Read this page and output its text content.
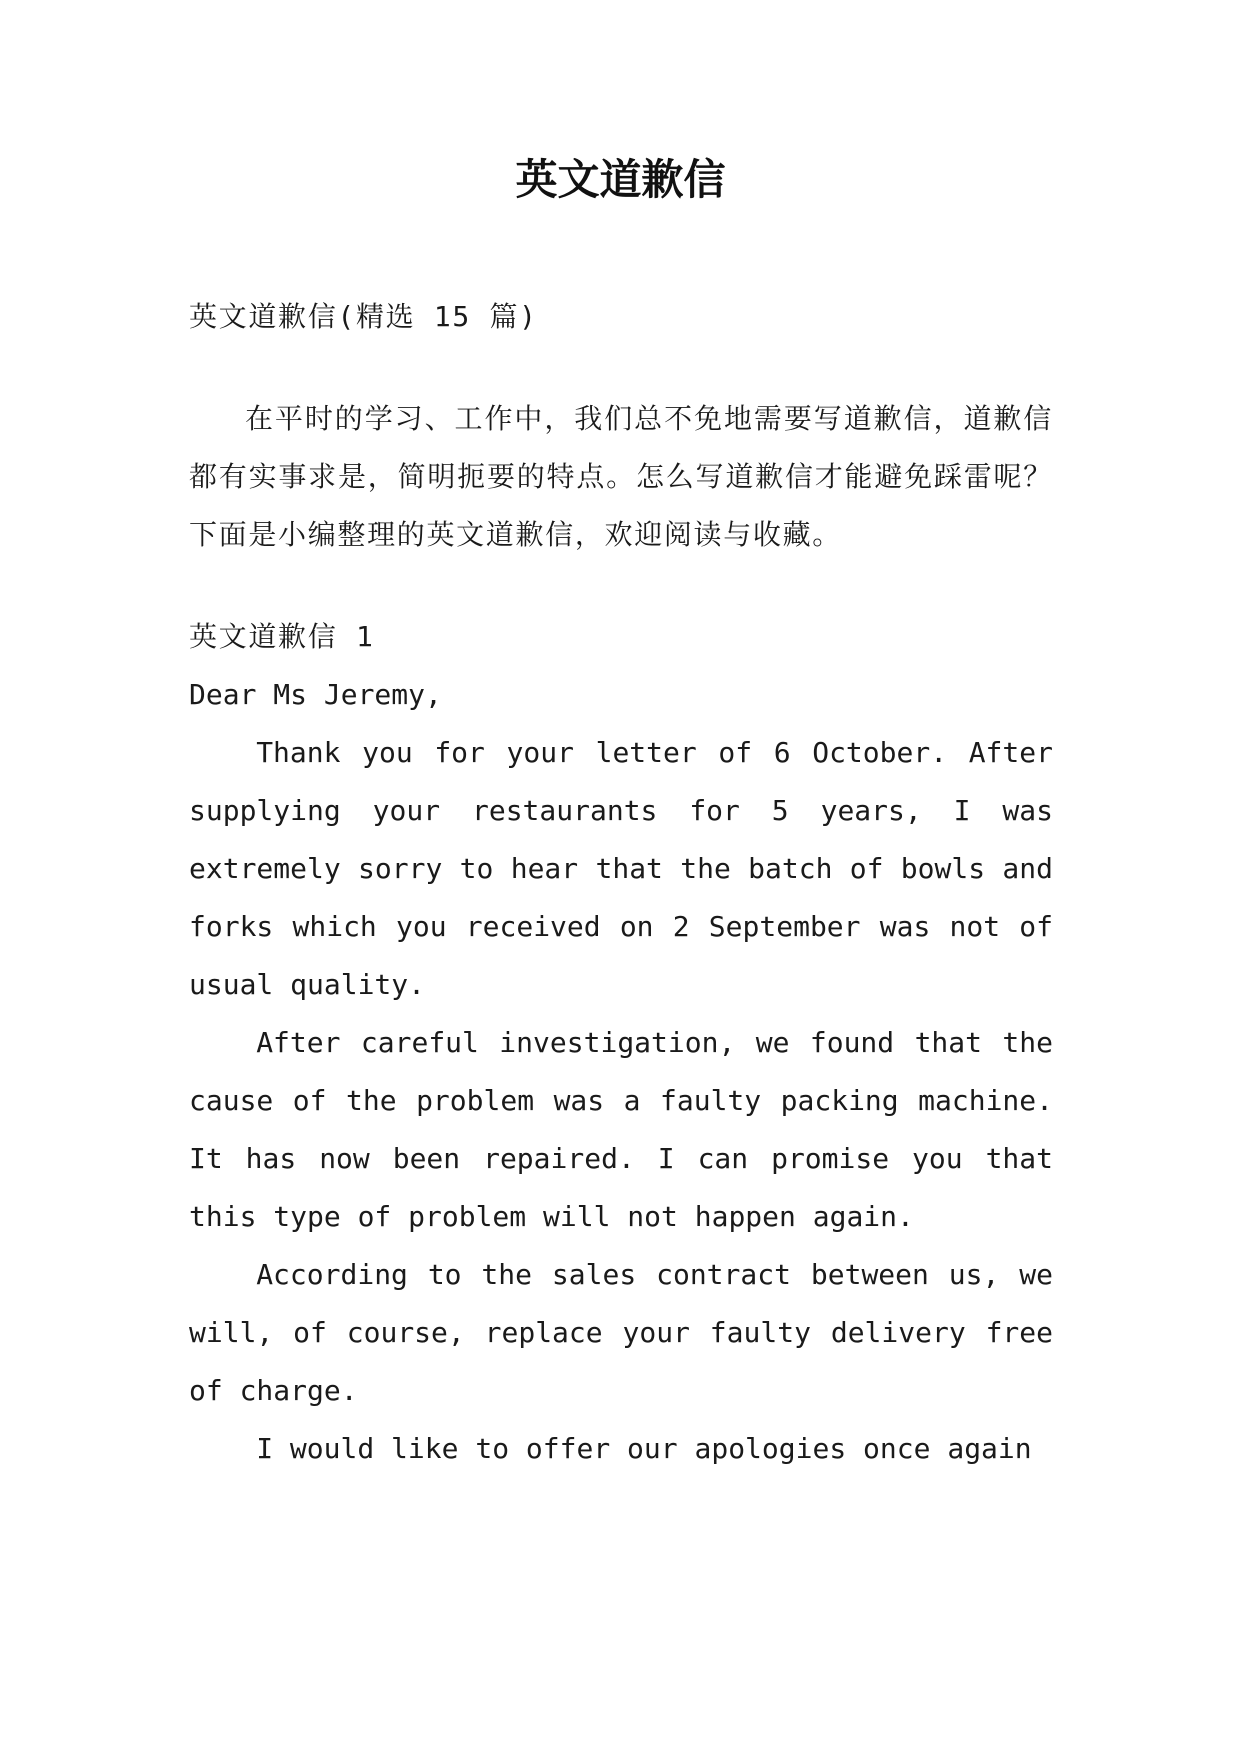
英文道歉信

英文道歉信(精选 15 篇)

在平时的学习、工作中，我们总不免地需要写道歉信，道歉信都有实事求是，简明扼要的特点。怎么写道歉信才能避免踩雷呢？下面是小编整理的英文道歉信，欢迎阅读与收藏。

英文道歉信 1

Dear Ms Jeremy,

Thank you for your letter of 6 October. After supplying your restaurants for 5 years, I was extremely sorry to hear that the batch of bowls and forks which you received on 2 September was not of usual quality.

After careful investigation, we found that the cause of the problem was a faulty packing machine. It has now been repaired. I can promise you that this type of problem will not happen again.

According to the sales contract between us, we will, of course, replace your faulty delivery free of charge.

I would like to offer our apologies once again
